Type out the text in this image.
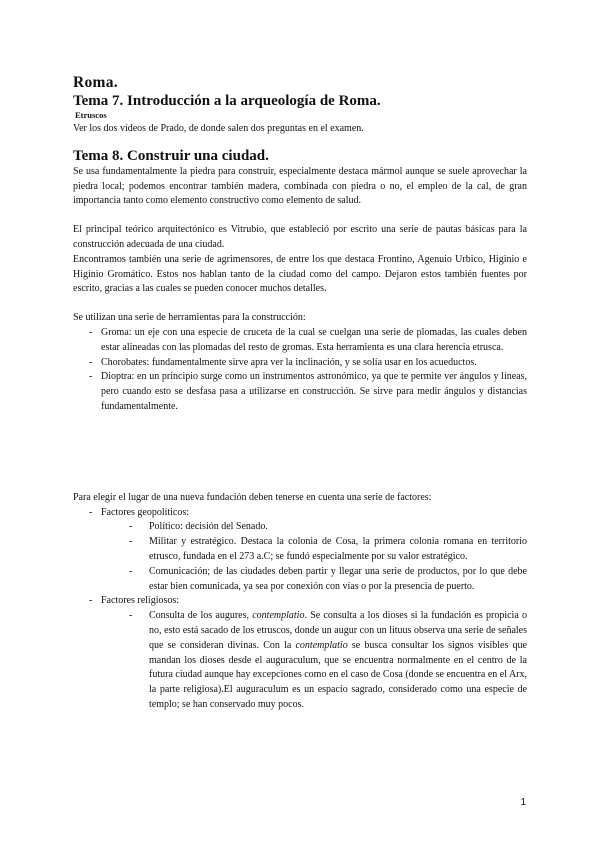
Roma.
Tema 7. Introducción a la arqueología de Roma.
Etruscos

Ver los dos vídeos de Prado, de donde salen dos preguntas en el examen.

Tema 8. Construir una ciudad.

Se usa fundamentalmente la piedra para construir, especialmente destaca mármol aunque se suele aprovechar la piedra local; podemos encontrar también madera, combinada con piedra o no, el empleo de la cal, de gran importancia tanto como elemento constructivo como elemento de salud.

El principal teórico arquitectónico es Vitrubio, que estableció por escrito una serie de pautas básicas para la construcción adecuada de una ciudad.

Encontramos también una serie de agrimensores, de entre los que destaca Frontino, Agenuio Urbico, Higinio e Higinio Gromático. Estos nos hablan tanto de la ciudad como del campo. Dejaron estos también fuentes por escrito, gracias a las cuales se pueden conocer muchos detalles.

Se utilizan una serie de herramientas para la construcción:

- Groma: un eje con una especie de cruceta de la cual se cuelgan una serie de plomadas, las cuales deben estar alineadas con las plomadas del resto de gromas. Esta herramienta es una clara herencia etrusca.
- Chorobates: fundamentalmente sirve apra ver la inclinación, y se solía usar en los acueductos.
- Dioptra: en un principio surge como un instrumentos astronómico, ya que te permite ver ángulos y líneas, pero cuando esto se desfasa pasa a utilizarse en construcción. Se sirve para medir ángulos y distancias fundamentalmente.

Para elegir el lugar de una nueva fundación deben tenerse en cuenta una serie de factores:

- Factores geopolíticos:
- Político: decisión del Senado.
- Militar y estratégico. Destaca la colonia de Cosa, la primera colonia romana en territorio etrusco, fundada en el 273 a.C; se fundó especialmente por su valor estratégico.
- Comunicación; de las ciudades deben partir y llegar una serie de productos, por lo que debe estar bien comunicada, ya sea por conexión con vías o por la presencia de puerto.
- Factores religiosos:
- Consulta de los augures, contemplatio. Se consulta a los dioses si la fundación es propicia o no, esto está sacado de los etruscos, donde un augur con un lituus observa una serie de señales que se consideran divinas. Con la contemplatio se busca consultar los signos visibles que mandan los dioses desde el auguraculum, que se encuentra normalmente en el centro de la futura ciudad aunque hay excepciones como en el caso de Cosa (donde se encuentra en el Arx, la parte religiosa).El auguraculum es un espacio sagrado, considerado como una especie de templo; se han conservado muy pocos.
1
